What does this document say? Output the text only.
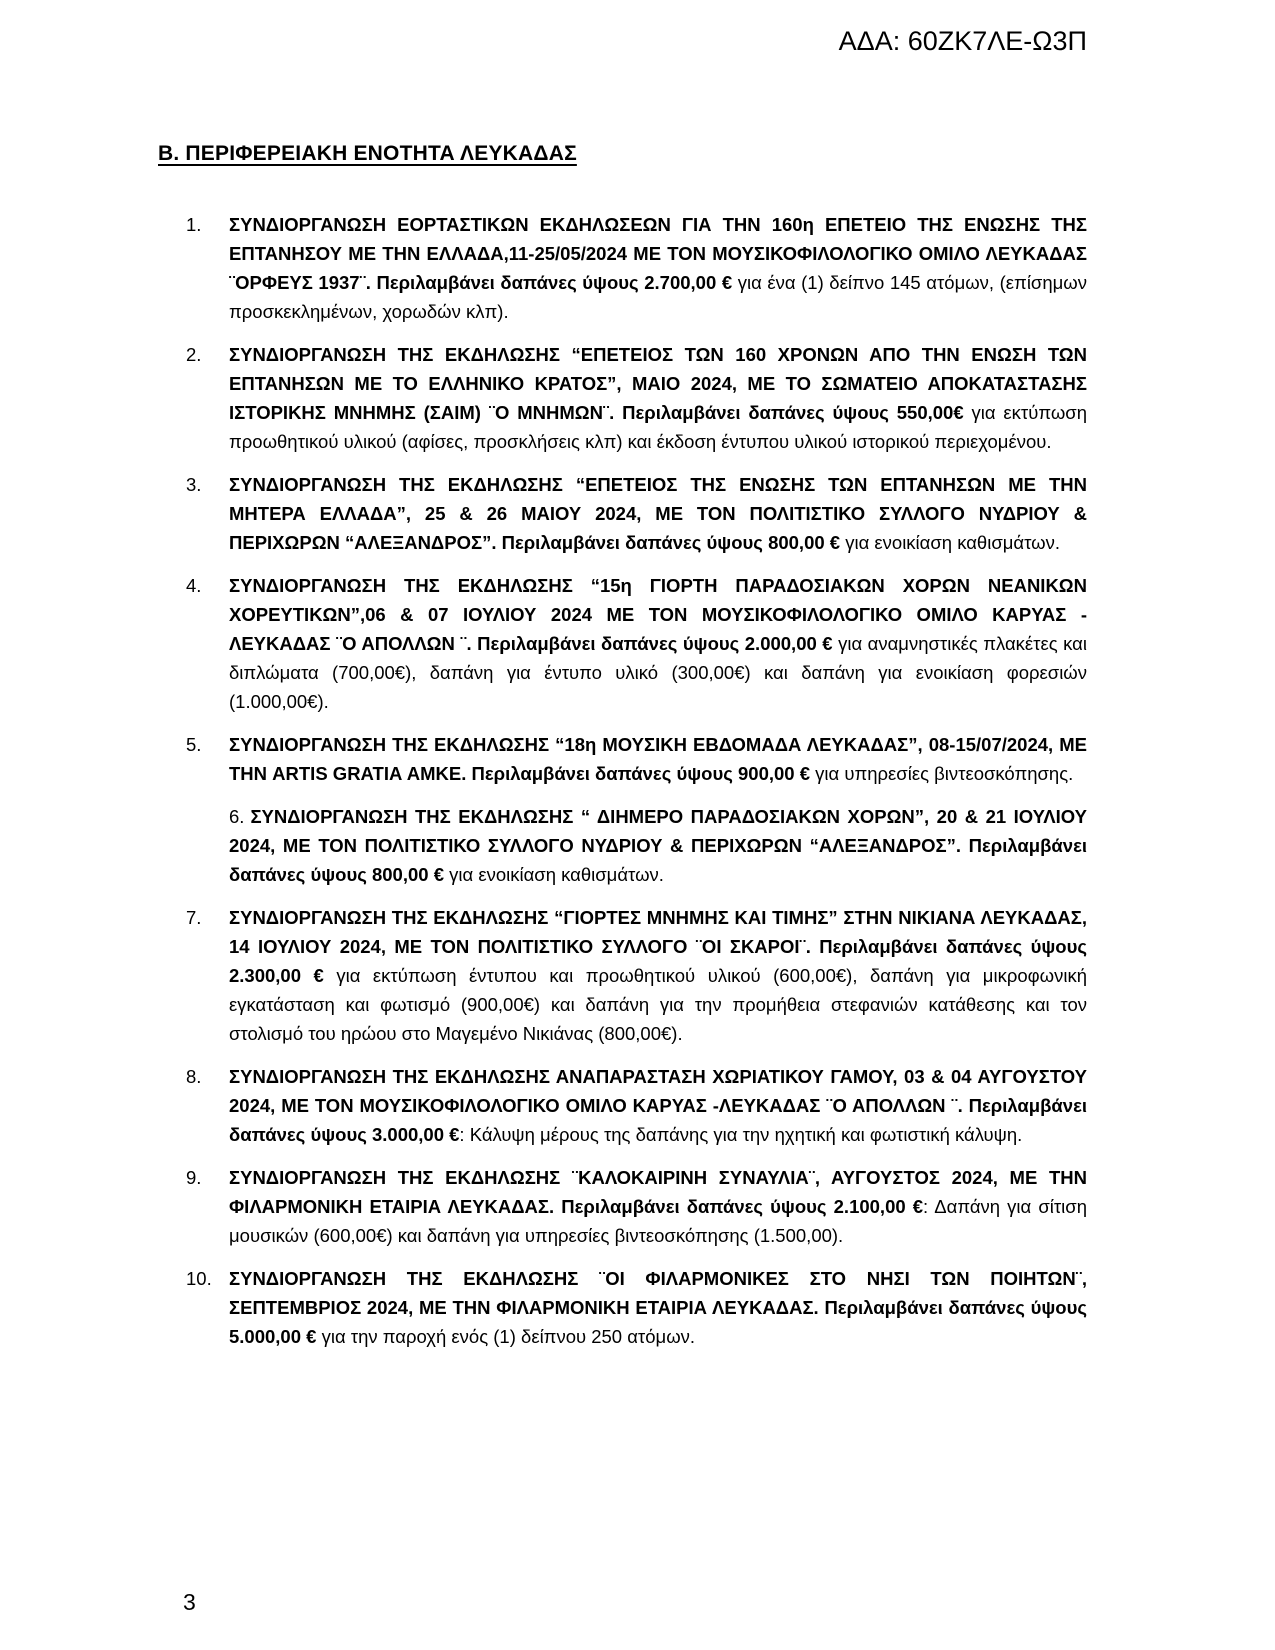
ΑΔΑ: 60ZK7ΛΕ-Ω3Π
Β. ΠΕΡΙΦΕΡΕΙΑΚΗ ΕΝΟΤΗΤΑ ΛΕΥΚΑΔΑΣ
1.	ΣΥΝΔΙΟΡΓΑΝΩΣΗ ΕΟΡΤΑΣΤΙΚΩΝ ΕΚΔΗΛΩΣΕΩΝ ΓΙΑ ΤΗΝ 160η ΕΠΕΤΕΙΟ ΤΗΣ ΕΝΩΣΗΣ ΤΗΣ ΕΠΤΑΝΗΣΟΥ ΜΕ ΤΗΝ ΕΛΛΑΔΑ,11-25/05/2024 ΜΕ ΤΟΝ ΜΟΥΣΙΚΟΦΙΛΟΛΟΓΙΚΟ ΟΜΙΛΟ ΛΕΥΚΑΔΑΣ ¨ΟΡΦΕΥΣ 1937¨. Περιλαμβάνει δαπάνες ύψους 2.700,00 € για ένα (1) δείπνο 145 ατόμων, (επίσημων προσκεκλημένων, χορωδών κλπ).
2.	ΣΥΝΔΙΟΡΓΑΝΩΣΗ ΤΗΣ ΕΚΔΗΛΩΣΗΣ “ΕΠΕΤΕΙΟΣ ΤΩΝ 160 ΧΡΟΝΩΝ ΑΠΟ ΤΗΝ ΕΝΩΣΗ ΤΩΝ ΕΠΤΑΝΗΣΩΝ ΜΕ ΤΟ ΕΛΛΗΝΙΚΟ ΚΡΑΤΟΣ”, ΜΑΙΟ 2024, ΜΕ ΤΟ ΣΩΜΑΤΕΙΟ ΑΠΟΚΑΤΑΣΤΑΣΗΣ ΙΣΤΟΡΙΚΗΣ ΜΝΗΜΗΣ (ΣΑΙΜ) ¨Ο ΜΝΗΜΩΝ¨. Περιλαμβάνει δαπάνες ύψους 550,00€ για εκτύπωση προωθητικού υλικού (αφίσες, προσκλήσεις κλπ) και έκδοση έντυπου υλικού ιστορικού περιεχομένου.
3.	ΣΥΝΔΙΟΡΓΑΝΩΣΗ ΤΗΣ ΕΚΔΗΛΩΣΗΣ “ΕΠΕΤΕΙΟΣ ΤΗΣ ΕΝΩΣΗΣ ΤΩΝ ΕΠΤΑΝΗΣΩΝ ΜΕ ΤΗΝ ΜΗΤΕΡΑ ΕΛΛΑΔΑ”, 25 & 26 ΜΑΙΟΥ 2024, ΜΕ ΤΟΝ ΠΟΛΙΤΙΣΤΙΚΟ ΣΥΛΛΟΓΟ ΝΥΔΡΙΟΥ & ΠΕΡΙΧΩΡΩΝ “ΑΛΕΞΑΝΔΡΟΣ”. Περιλαμβάνει δαπάνες ύψους 800,00 € για ενοικίαση καθισμάτων.
4.	ΣΥΝΔΙΟΡΓΑΝΩΣΗ ΤΗΣ ΕΚΔΗΛΩΣΗΣ “15η ΓΙΟΡΤΗ ΠΑΡΑΔΟΣΙΑΚΩΝ ΧΟΡΩΝ ΝΕΑΝΙΚΩΝ ΧΟΡΕΥΤΙΚΩΝ”,06 & 07 ΙΟΥΛΙΟΥ 2024 ΜΕ ΤΟΝ ΜΟΥΣΙΚΟΦΙΛΟΛΟΓΙΚΟ ΟΜΙΛΟ ΚΑΡΥΑΣ - ΛΕΥΚΑΔΑΣ ¨Ο ΑΠΟΛΛΩΝ ¨. Περιλαμβάνει δαπάνες ύψους 2.000,00 € για αναμνηστικές πλακέτες και διπλώματα (700,00€), δαπάνη για έντυπο υλικό (300,00€) και δαπάνη για ενοικίαση φορεσιών (1.000,00€).
5.	ΣΥΝΔΙΟΡΓΑΝΩΣΗ ΤΗΣ ΕΚΔΗΛΩΣΗΣ “18η ΜΟΥΣΙΚΗ ΕΒΔΟΜΑΔΑ ΛΕΥΚΑΔΑΣ”, 08-15/07/2024, ΜΕ ΤΗΝ ARTIS GRATIA ΑΜΚΕ. Περιλαμβάνει δαπάνες ύψους 900,00 € για υπηρεσίες βιντεοσκόπησης.
6. ΣΥΝΔΙΟΡΓΑΝΩΣΗ ΤΗΣ ΕΚΔΗΛΩΣΗΣ “ ΔΙΗΜΕΡΟ ΠΑΡΑΔΟΣΙΑΚΩΝ ΧΟΡΩΝ”, 20 & 21 ΙΟΥΛΙΟΥ 2024, ΜΕ ΤΟΝ ΠΟΛΙΤΙΣΤΙΚΟ ΣΥΛΛΟΓΟ ΝΥΔΡΙΟΥ & ΠΕΡΙΧΩΡΩΝ “ΑΛΕΞΑΝΔΡΟΣ”. Περιλαμβάνει δαπάνες ύψους 800,00 € για ενοικίαση καθισμάτων.
7.	ΣΥΝΔΙΟΡΓΑΝΩΣΗ ΤΗΣ ΕΚΔΗΛΩΣΗΣ “ΓΙΟΡΤΕΣ ΜΝΗΜΗΣ ΚΑΙ ΤΙΜΗΣ” ΣΤΗΝ ΝΙΚΙΑΝΑ ΛΕΥΚΑΔΑΣ, 14 ΙΟΥΛΙΟΥ 2024, ΜΕ ΤΟΝ ΠΟΛΙΤΙΣΤΙΚΟ ΣΥΛΛΟΓΟ ¨ΟΙ ΣΚΑΡΟΙ¨. Περιλαμβάνει δαπάνες ύψους 2.300,00 € για εκτύπωση έντυπου και προωθητικού υλικού (600,00€), δαπάνη για μικροφωνική εγκατάσταση και φωτισμό (900,00€) και δαπάνη για την προμήθεια στεφανιών κατάθεσης και τον στολισμό του ηρώου στο Μαγεμένο Νικιάνας (800,00€).
8.	ΣΥΝΔΙΟΡΓΑΝΩΣΗ ΤΗΣ ΕΚΔΗΛΩΣΗΣ ΑΝΑΠΑΡΑΣΤΑΣΗ ΧΩΡΙΑΤΙΚΟΥ ΓΑΜΟΥ, 03 & 04 ΑΥΓΟΥΣΤΟΥ 2024, ΜΕ ΤΟΝ ΜΟΥΣΙΚΟΦΙΛΟΛΟΓΙΚΟ ΟΜΙΛΟ ΚΑΡΥΑΣ -ΛΕΥΚΑΔΑΣ ¨Ο ΑΠΟΛΛΩΝ ¨. Περιλαμβάνει δαπάνες ύψους 3.000,00 €: Κάλυψη μέρους της δαπάνης για την ηχητική και φωτιστική κάλυψη.
9.	ΣΥΝΔΙΟΡΓΑΝΩΣΗ ΤΗΣ ΕΚΔΗΛΩΣΗΣ ¨ΚΑΛΟΚΑΙΡΙΝΗ ΣΥΝΑΥΛΙΑ¨, ΑΥΓΟΥΣΤΟΣ 2024, ΜΕ ΤΗΝ ΦΙΛΑΡΜΟΝΙΚΗ ΕΤΑΙΡΙΑ ΛΕΥΚΑΔΑΣ. Περιλαμβάνει δαπάνες ύψους 2.100,00 €: Δαπάνη για σίτιση μουσικών (600,00€) και δαπάνη για υπηρεσίες βιντεοσκόπησης (1.500,00).
10. ΣΥΝΔΙΟΡΓΑΝΩΣΗ ΤΗΣ ΕΚΔΗΛΩΣΗΣ ¨ΟΙ ΦΙΛΑΡΜΟΝΙΚΕΣ ΣΤΟ ΝΗΣΙ ΤΩΝ ΠΟΙΗΤΩΝ¨, ΣΕΠΤΕΜΒΡΙΟΣ 2024, ΜΕ ΤΗΝ ΦΙΛΑΡΜΟΝΙΚΗ ΕΤΑΙΡΙΑ ΛΕΥΚΑΔΑΣ. Περιλαμβάνει δαπάνες ύψους 5.000,00 € για την παροχή ενός (1) δείπνου 250 ατόμων.
3
